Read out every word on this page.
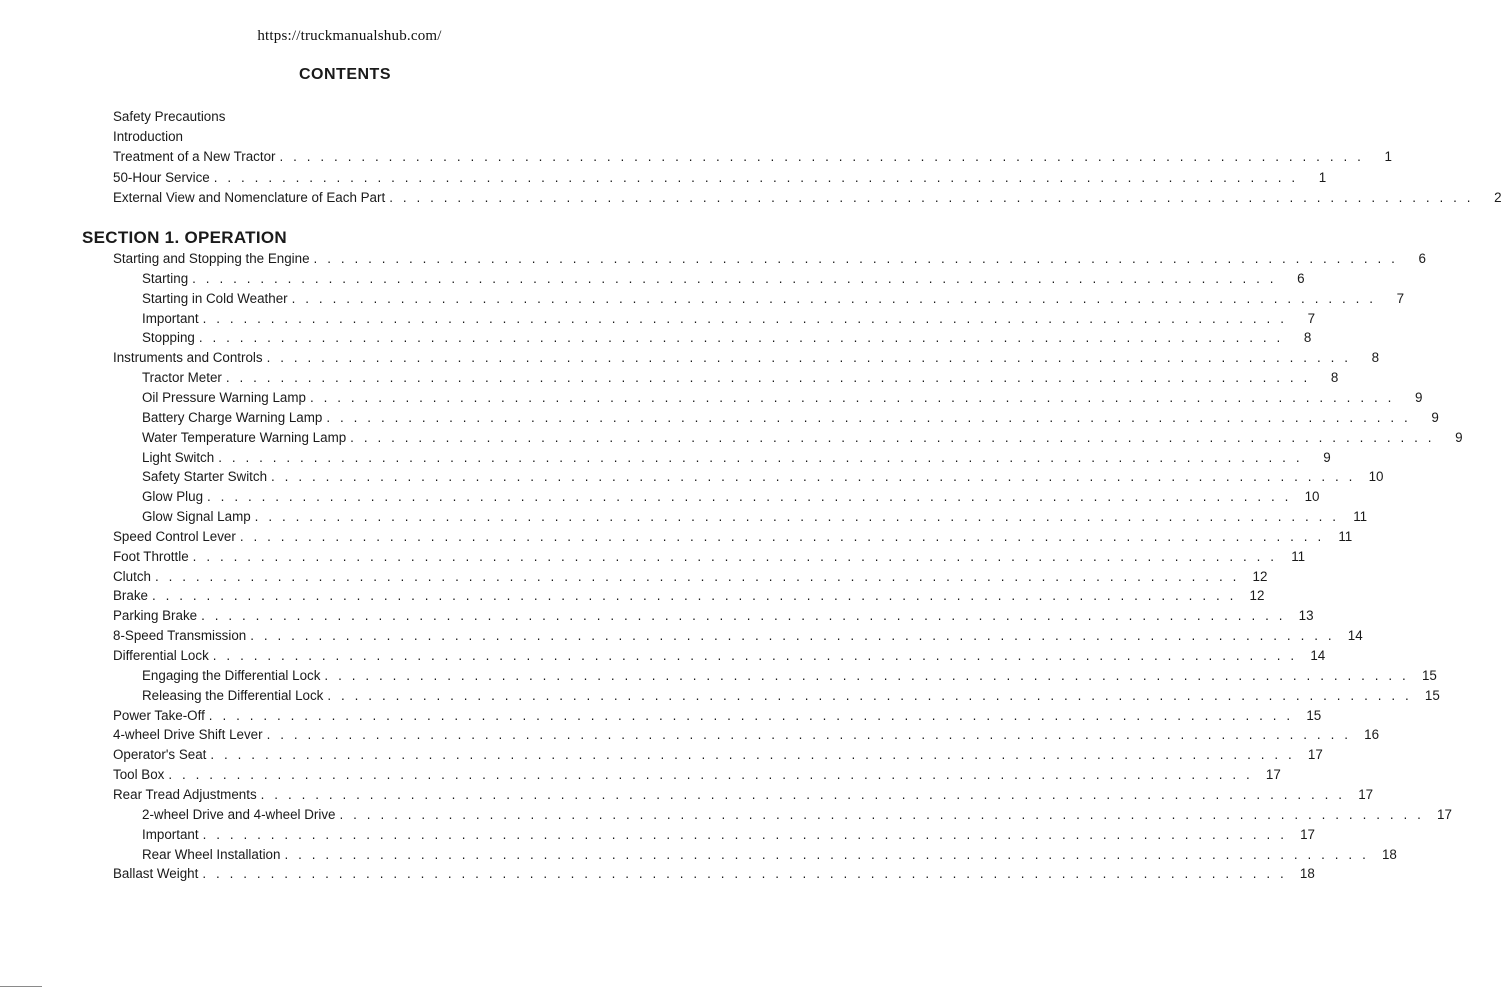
https://truckmanualshub.com/
CONTENTS
Safety Precautions
Introduction
Treatment of a New Tractor . . . . . . . . . . . . . . . . . . . . . . . . . . . . . . . . . . . . . . . . . . . . . . . . . . . . . . . . . . . . . . . . . . . . . . . . . . . . . . . .	1
50-Hour Service . . . . . . . . . . . . . . . . . . . . . . . . . . . . . . . . . . . . . . . . . . . . . . . . . . . . . . . . . . . . . . . . . . . . . . . . . . . . . . . .	1
External View and Nomenclature of Each Part . . . . . . . . . . . . . . . . . . . . . . . . . . . . . . . . . . . . . . . . . . . . . . . . . . . . . . . . . . . . . . . . . . . . . . . . . . . . . . . .	2
SECTION 1. OPERATION
Starting and Stopping the Engine . . . . . . . . . . . . . . . . . . . . . . . . . . . . . . . . . . . . . . . . . . . . . . . . . . . . . . . . . . . . . . . . . . . . . . . . . . . . . . . .	6
Starting . . . . . . . . . . . . . . . . . . . . . . . . . . . . . . . . . . . . . . . . . . . . . . . . . . . . . . . . . . . . . . . . . . . . . . . . . . . . . . . .	6
Starting in Cold Weather . . . . . . . . . . . . . . . . . . . . . . . . . . . . . . . . . . . . . . . . . . . . . . . . . . . . . . . . . . . . . . . . . . . . . . . . . . . . . . . .	7
Important . . . . . . . . . . . . . . . . . . . . . . . . . . . . . . . . . . . . . . . . . . . . . . . . . . . . . . . . . . . . . . . . . . . . . . . . . . . . . . . .	7
Stopping . . . . . . . . . . . . . . . . . . . . . . . . . . . . . . . . . . . . . . . . . . . . . . . . . . . . . . . . . . . . . . . . . . . . . . . . . . . . . . . .	8
Instruments and Controls . . . . . . . . . . . . . . . . . . . . . . . . . . . . . . . . . . . . . . . . . . . . . . . . . . . . . . . . . . . . . . . . . . . . . . . . . . . . . . . .	8
Tractor Meter . . . . . . . . . . . . . . . . . . . . . . . . . . . . . . . . . . . . . . . . . . . . . . . . . . . . . . . . . . . . . . . . . . . . . . . . . . . . . . . .	8
Oil Pressure Warning Lamp . . . . . . . . . . . . . . . . . . . . . . . . . . . . . . . . . . . . . . . . . . . . . . . . . . . . . . . . . . . . . . . . . . . . . . . . . . . . . . . .	9
Battery Charge Warning Lamp . . . . . . . . . . . . . . . . . . . . . . . . . . . . . . . . . . . . . . . . . . . . . . . . . . . . . . . . . . . . . . . . . . . . . . . . . . . . . . . .	9
Water Temperature Warning Lamp . . . . . . . . . . . . . . . . . . . . . . . . . . . . . . . . . . . . . . . . . . . . . . . . . . . . . . . . . . . . . . . . . . . . . . . . . . . . . . . .	9
Light Switch . . . . . . . . . . . . . . . . . . . . . . . . . . . . . . . . . . . . . . . . . . . . . . . . . . . . . . . . . . . . . . . . . . . . . . . . . . . . . . . .	9
Safety Starter Switch . . . . . . . . . . . . . . . . . . . . . . . . . . . . . . . . . . . . . . . . . . . . . . . . . . . . . . . . . . . . . . . . . . . . . . . . . . . . . . . . 10
Glow Plug . . . . . . . . . . . . . . . . . . . . . . . . . . . . . . . . . . . . . . . . . . . . . . . . . . . . . . . . . . . . . . . . . . . . . . . . . . . . . . . . 10
Glow Signal Lamp . . . . . . . . . . . . . . . . . . . . . . . . . . . . . . . . . . . . . . . . . . . . . . . . . . . . . . . . . . . . . . . . . . . . . . . . . . . . . . . .	11
Speed Control Lever . . . . . . . . . . . . . . . . . . . . . . . . . . . . . . . . . . . . . . . . . . . . . . . . . . . . . . . . . . . . . . . . . . . . . . . . . . . . . . . .	11
Foot Throttle . . . . . . . . . . . . . . . . . . . . . . . . . . . . . . . . . . . . . . . . . . . . . . . . . . . . . . . . . . . . . . . . . . . . . . . . . . . . . . . .	11
Clutch . . . . . . . . . . . . . . . . . . . . . . . . . . . . . . . . . . . . . . . . . . . . . . . . . . . . . . . . . . . . . . . . . . . . . . . . . . . . . . . . 12
Brake . . . . . . . . . . . . . . . . . . . . . . . . . . . . . . . . . . . . . . . . . . . . . . . . . . . . . . . . . . . . . . . . . . . . . . . . . . . . . . . . 12
Parking Brake . . . . . . . . . . . . . . . . . . . . . . . . . . . . . . . . . . . . . . . . . . . . . . . . . . . . . . . . . . . . . . . . . . . . . . . . . . . . . . . . 13
8-Speed Transmission . . . . . . . . . . . . . . . . . . . . . . . . . . . . . . . . . . . . . . . . . . . . . . . . . . . . . . . . . . . . . . . . . . . . . . . . . . . . . . . . 14
Differential Lock . . . . . . . . . . . . . . . . . . . . . . . . . . . . . . . . . . . . . . . . . . . . . . . . . . . . . . . . . . . . . . . . . . . . . . . . . . . . . . . . 14
Engaging the Differential Lock . . . . . . . . . . . . . . . . . . . . . . . . . . . . . . . . . . . . . . . . . . . . . . . . . . . . . . . . . . . . . . . . . . . . . . . . . . . . . . . . 15
Releasing the Differential Lock . . . . . . . . . . . . . . . . . . . . . . . . . . . . . . . . . . . . . . . . . . . . . . . . . . . . . . . . . . . . . . . . . . . . . . . . . . . . . . . . 15
Power Take-Off . . . . . . . . . . . . . . . . . . . . . . . . . . . . . . . . . . . . . . . . . . . . . . . . . . . . . . . . . . . . . . . . . . . . . . . . . . . . . . . . 15
4-wheel Drive Shift Lever . . . . . . . . . . . . . . . . . . . . . . . . . . . . . . . . . . . . . . . . . . . . . . . . . . . . . . . . . . . . . . . . . . . . . . . . . . . . . . . . 16
Operator's Seat . . . . . . . . . . . . . . . . . . . . . . . . . . . . . . . . . . . . . . . . . . . . . . . . . . . . . . . . . . . . . . . . . . . . . . . . . . . . . . . . 17
Tool Box . . . . . . . . . . . . . . . . . . . . . . . . . . . . . . . . . . . . . . . . . . . . . . . . . . . . . . . . . . . . . . . . . . . . . . . . . . . . . . . . 17
Rear Tread Adjustments . . . . . . . . . . . . . . . . . . . . . . . . . . . . . . . . . . . . . . . . . . . . . . . . . . . . . . . . . . . . . . . . . . . . . . . . . . . . . . . . 17
2-wheel Drive and 4-wheel Drive . . . . . . . . . . . . . . . . . . . . . . . . . . . . . . . . . . . . . . . . . . . . . . . . . . . . . . . . . . . . . . . . . . . . . . . . . . . . . . . . 17
Important . . . . . . . . . . . . . . . . . . . . . . . . . . . . . . . . . . . . . . . . . . . . . . . . . . . . . . . . . . . . . . . . . . . . . . . . . . . . . . . . 17
Rear Wheel Installation . . . . . . . . . . . . . . . . . . . . . . . . . . . . . . . . . . . . . . . . . . . . . . . . . . . . . . . . . . . . . . . . . . . . . . . . . . . . . . . . 18
Ballast Weight . . . . . . . . . . . . . . . . . . . . . . . . . . . . . . . . . . . . . . . . . . . . . . . . . . . . . . . . . . . . . . . . . . . . . . . . . . . . . . . . 18
